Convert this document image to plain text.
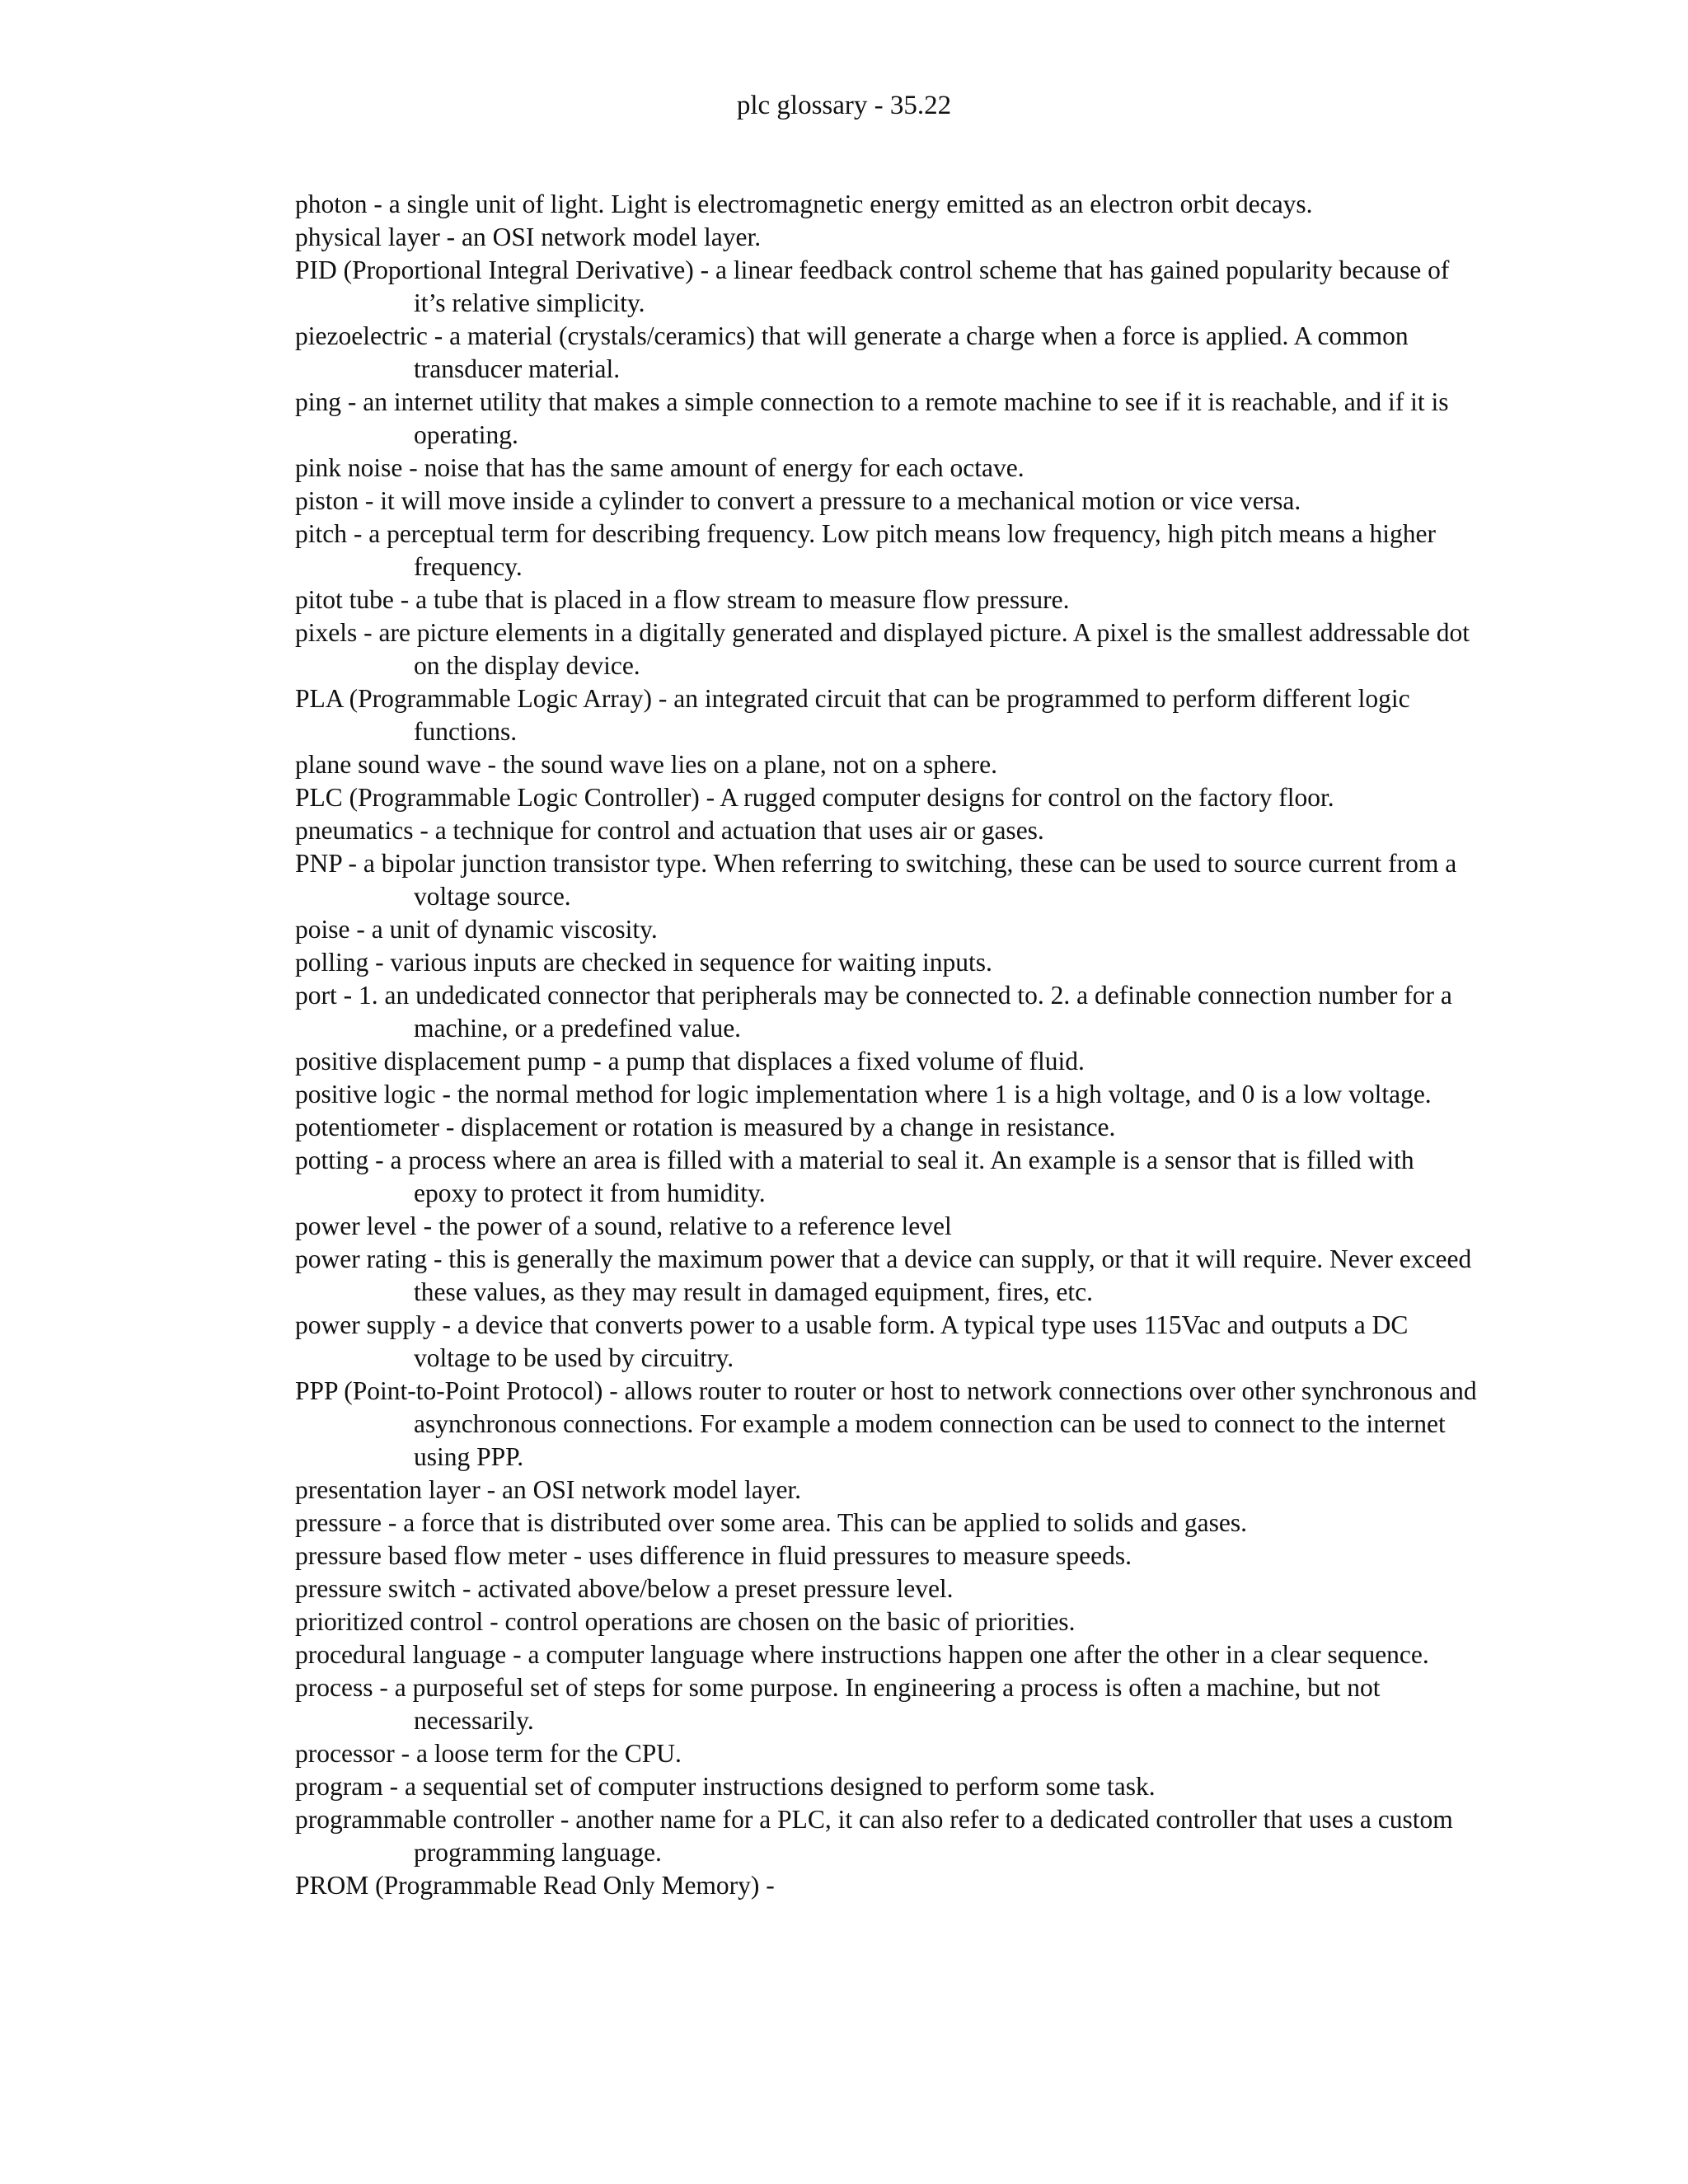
plc glossary - 35.22
photon - a single unit of light. Light is electromagnetic energy emitted as an electron orbit decays.
physical layer - an OSI network model layer.
PID (Proportional Integral Derivative) - a linear feedback control scheme that has gained popularity because of it’s relative simplicity.
piezoelectric - a material (crystals/ceramics) that will generate a charge when a force is applied. A common transducer material.
ping - an internet utility that makes a simple connection to a remote machine to see if it is reachable, and if it is operating.
pink noise - noise that has the same amount of energy for each octave.
piston - it will move inside a cylinder to convert a pressure to a mechanical motion or vice versa.
pitch - a perceptual term for describing frequency. Low pitch means low frequency, high pitch means a higher frequency.
pitot tube - a tube that is placed in a flow stream to measure flow pressure.
pixels - are picture elements in a digitally generated and displayed picture. A pixel is the smallest addressable dot on the display device.
PLA (Programmable Logic Array) - an integrated circuit that can be programmed to perform different logic functions.
plane sound wave - the sound wave lies on a plane, not on a sphere.
PLC (Programmable Logic Controller) - A rugged computer designs for control on the factory floor.
pneumatics - a technique for control and actuation that uses air or gases.
PNP - a bipolar junction transistor type. When referring to switching, these can be used to source current from a voltage source.
poise - a unit of dynamic viscosity.
polling - various inputs are checked in sequence for waiting inputs.
port - 1. an undedicated connector that peripherals may be connected to. 2. a definable connection number for a machine, or a predefined value.
positive displacement pump - a pump that displaces a fixed volume of fluid.
positive logic - the normal method for logic implementation where 1 is a high voltage, and 0 is a low voltage.
potentiometer - displacement or rotation is measured by a change in resistance.
potting - a process where an area is filled with a material to seal it. An example is a sensor that is filled with epoxy to protect it from humidity.
power level - the power of a sound, relative to a reference level
power rating - this is generally the maximum power that a device can supply, or that it will require. Never exceed these values, as they may result in damaged equipment, fires, etc.
power supply - a device that converts power to a usable form. A typical type uses 115Vac and outputs a DC voltage to be used by circuitry.
PPP (Point-to-Point Protocol) - allows router to router or host to network connections over other synchronous and asynchronous connections. For example a modem connection can be used to connect to the internet using PPP.
presentation layer - an OSI network model layer.
pressure - a force that is distributed over some area. This can be applied to solids and gases.
pressure based flow meter - uses difference in fluid pressures to measure speeds.
pressure switch - activated above/below a preset pressure level.
prioritized control - control operations are chosen on the basic of priorities.
procedural language - a computer language where instructions happen one after the other in a clear sequence.
process - a purposeful set of steps for some purpose. In engineering a process is often a machine, but not necessarily.
processor - a loose term for the CPU.
program - a sequential set of computer instructions designed to perform some task.
programmable controller - another name for a PLC, it can also refer to a dedicated controller that uses a custom programming language.
PROM (Programmable Read Only Memory) -
